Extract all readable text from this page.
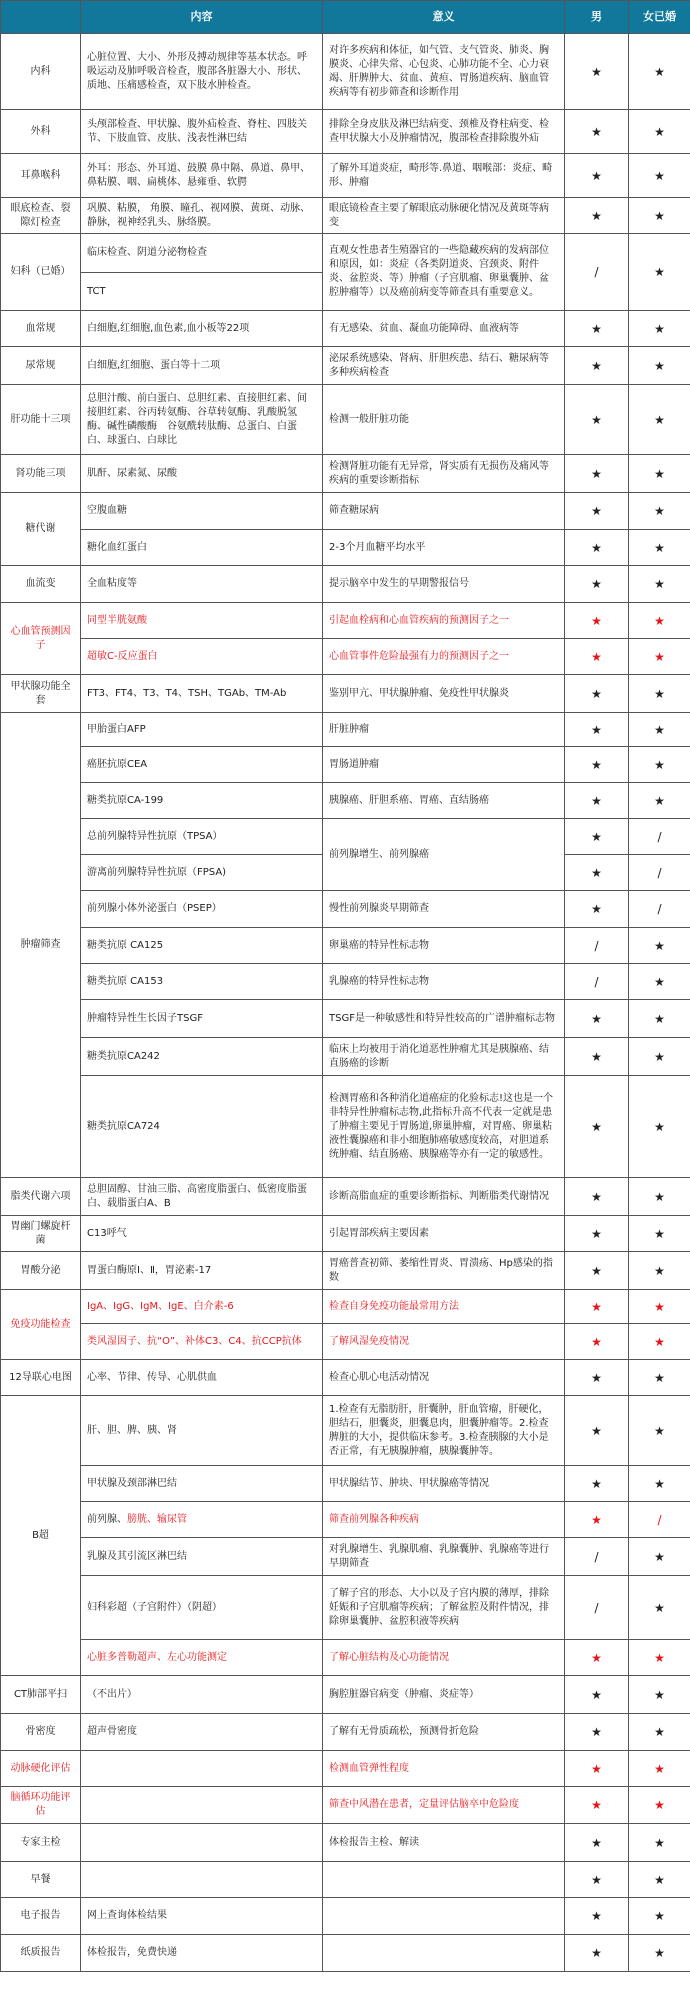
	内容	意义	男	女已婚
内科	心脏位置、大小、外形及搏动规律等基本状态。呼吸运动及肺呼吸音检查，腹部各脏器大小、形状、质地、压痛感检查，双下肢水肿检查。	对许多疾病和体征，如气管、支气管炎、肺炎、胸膜炎、心律失常、心包炎、心肺功能不全、心力衰竭、肝脾肿大、贫血、黄疸、胃肠道疾病、脑血管疾病等有初步筛查和诊断作用	★	★
外科	头颅部检查、甲状腺、腹外疝检查、脊柱、四肢关节、下肢血管、皮肤、浅表性淋巴结	排除全身皮肤及淋巴结病变、颈椎及脊柱病变、检查甲状腺大小及肿瘤情况，腹部检查排除腹外疝	★	★
耳鼻喉科	外耳：形态、外耳道、鼓膜 鼻中隔、鼻道、鼻甲、鼻粘膜、咽、扁桃体、悬雍垂、软腭	了解外耳道炎症，畸形等.鼻道、咽喉部：炎症、畸形、肿瘤	★	★
眼底检查、裂隙灯检查	巩膜、粘膜， 角膜、瞳孔、视网膜、黄斑、动脉、静脉，视神经乳头、脉络膜。	眼底镜检查主要了解眼底动脉硬化情况及黄斑等病变	★	★
妇科（已婚）	临床检查、阴道分泌物检查	直观女性患者生殖器官的一些隐藏疾病的发病部位和原因，如：炎症（各类阴道炎、宫颈炎、附件炎、盆腔炎、等）肿瘤（子宫肌瘤、卵巢囊肿、盆腔肿瘤等）以及癌前病变等筛查具有重要意义。	/	★
	TCT			
血常规	白细胞,红细胞,血色素,血小板等22项	有无感染、贫血、凝血功能障碍、血液病等	★	★
尿常规	白细胞,红细胞、蛋白等十二项	泌尿系统感染、肾病、肝胆疾患、结石、糖尿病等多种疾病检查	★	★
肝功能十三项	总胆汁酸、前白蛋白、总胆红素、直接胆红素、间接胆红素、谷丙转氨酶、谷草转氨酶、乳酸脱氢酶、碱性磷酸酶　谷氨酰转肽酶、总蛋白、白蛋白、球蛋白、白球比	检测一般肝脏功能	★	★
肾功能三项	肌酐、尿素氮、尿酸	检测肾脏功能有无异常，肾实质有无损伤及痛风等疾病的重要诊断指标	★	★
糖代谢	空腹血糖	筛查糖尿病	★	★
	糖化血红蛋白	2-3个月血糖平均水平	★	★
血流变	全血粘度等	提示脑卒中发生的早期警报信号	★	★
心血管预测因子	同型半胱氨酸	引起血栓病和心血管疾病的预测因子之一	★	★
	超敏C-反应蛋白	心血管事件危险最强有力的预测因子之一	★	★
甲状腺功能全套	FT3、FT4、T3、T4、TSH、TGAb、TM-Ab	鉴别甲亢、甲状腺肿瘤、免疫性甲状腺炎	★	★
肿瘤筛查	甲胎蛋白AFP	肝脏肿瘤	★	★
	癌胚抗原CEA	胃肠道肿瘤	★	★
	糖类抗原CA-199	胰腺癌、肝胆系癌、胃癌、直结肠癌	★	★
	总前列腺特异性抗原（TPSA）	前列腺增生、前列腺癌	★	/
	游离前列腺特异性抗原（FPSA)		★	/
	前列腺小体外泌蛋白（PSEP）	慢性前列腺炎早期筛查	★	/
	糖类抗原 CA125	卵巢癌的特异性标志物	/	★
	糖类抗原 CA153	乳腺癌的特异性标志物	/	★
	肿瘤特异性生长因子TSGF	TSGF是一种敏感性和特异性较高的广谱肿瘤标志物	★	★
	糖类抗原CA242	临床上均被用于消化道恶性肿瘤尤其是胰腺癌、结直肠癌的诊断	★	★
	糖类抗原CA724	检测胃癌和各种消化道癌症的化验标志!这也是一个非特异性肿瘤标志物,此指标升高不代表一定就是患了肿瘤主要见于胃肠道,卵巢肿瘤，对胃癌、卵巢粘液性囊腺癌和非小细胞肺癌敏感度较高，对胆道系统肿瘤、结直肠癌、胰腺癌等亦有一定的敏感性。	★	★
脂类代谢六项	总胆固醇、甘油三脂、高密度脂蛋白、低密度脂蛋白、载脂蛋白A、B	诊断高脂血症的重要诊断指标、判断脂类代谢情况	★	★
胃幽门螺旋杆菌	C13呼气	引起胃部疾病主要因素	★	★
胃酸分泌	胃蛋白酶原Ⅰ、Ⅱ，胃泌素-17	胃癌普查初筛、萎缩性胃炎、胃溃疡、Hp感染的指数	★	★
免疫功能检查	IgA、IgG、IgM、IgE、白介素-6	检查自身免疫功能最常用方法	★	★
	类风湿因子、抗“O”、补体C3、C4、抗CCP抗体	了解风湿免疫情况	★	★
12导联心电图	心率、节律、传导、心肌供血	检查心肌心电活动情况	★	★
B超	肝、胆、脾、胰、肾	1.检查有无脂肪肝，肝囊肿，肝血管瘤，肝硬化，胆结石，胆囊炎，胆囊息肉，胆囊肿瘤等。2.检查脾脏的大小，提供临床参考。3.检查胰腺的大小是否正常，有无胰腺肿瘤，胰腺囊肿等。	★	★
	甲状腺及颈部淋巴结	甲状腺结节、肿块、甲状腺癌等情况	★	★
	前列腺、膀胱、输尿管	筛查前列腺各种疾病	★	/
	乳腺及其引流区淋巴结	对乳腺增生、乳腺肌瘤、乳腺囊肿、乳腺癌等进行早期筛查	/	★
	妇科彩超（子宫附件）（阴超）	了解子宫的形态、大小以及子宫内膜的薄厚，排除妊娠和子宫肌瘤等疾病；了解盆腔及附件情况，排除卵巢囊肿、盆腔积液等疾病	/	★
	心脏多普勒超声、左心功能测定	了解心脏结构及心功能情况	★	★
CT肺部平扫	（不出片）	胸腔脏器官病变（肿瘤、炎症等）	★	★
骨密度	超声骨密度	了解有无骨质疏松，预测骨折危险	★	★
动脉硬化评估		检测血管弹性程度	★	★
脑循环功能评估		筛查中风潜在患者，定量评估脑卒中危险度	★	★
专家主检		体检报告主检、解读	★	★
早餐			★	★
电子报告	网上查询体检结果		★	★
纸质报告	体检报告，免费快递		★	★
